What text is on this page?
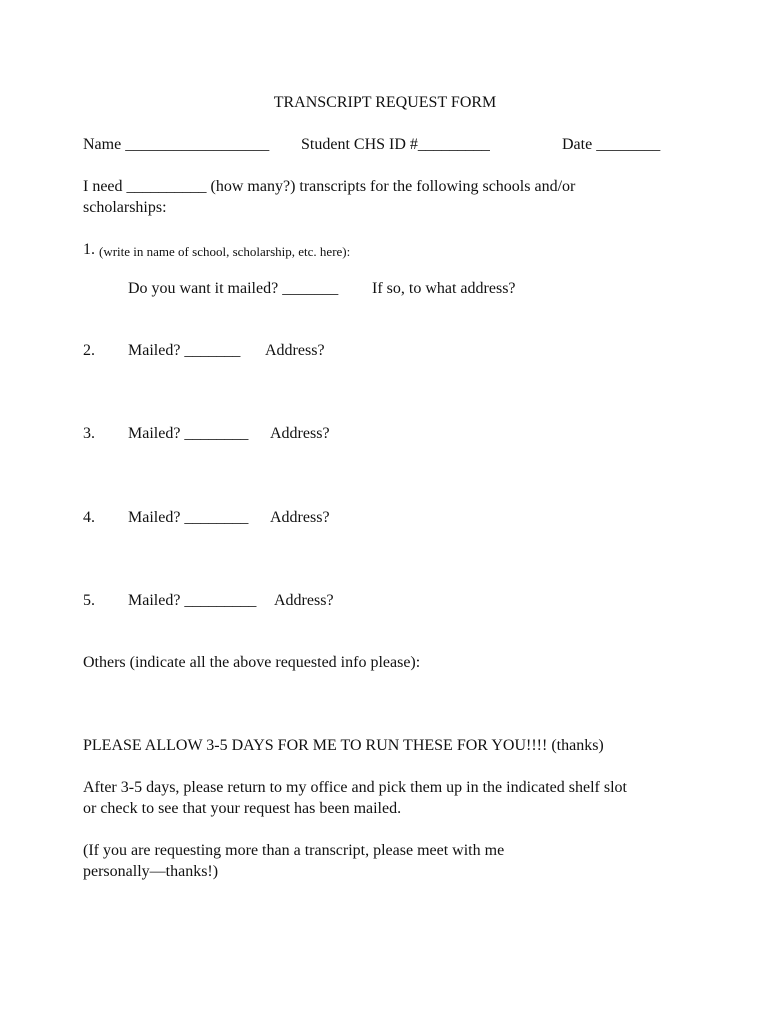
TRANSCRIPT REQUEST FORM
Name __________________ Student CHS ID #_________	Date ________
I need __________ (how many?) transcripts for the following schools and/or
scholarships:
1. (write in name of school, scholarship, etc. here):
Do you want it mailed? _______ If so, to what address?
2. Mailed? _______ Address?
3. Mailed? ________ Address?
4. Mailed? ________ Address?
5. Mailed? _________ Address?
Others (indicate all the above requested info please):
PLEASE ALLOW 3-5 DAYS FOR ME TO RUN THESE FOR YOU!!!! (thanks)
After 3-5 days, please return to my office and pick them up in the indicated shelf slot
or check to see that your request has been mailed.
(If you are requesting more than a transcript, please meet with me
personally—thanks!)
